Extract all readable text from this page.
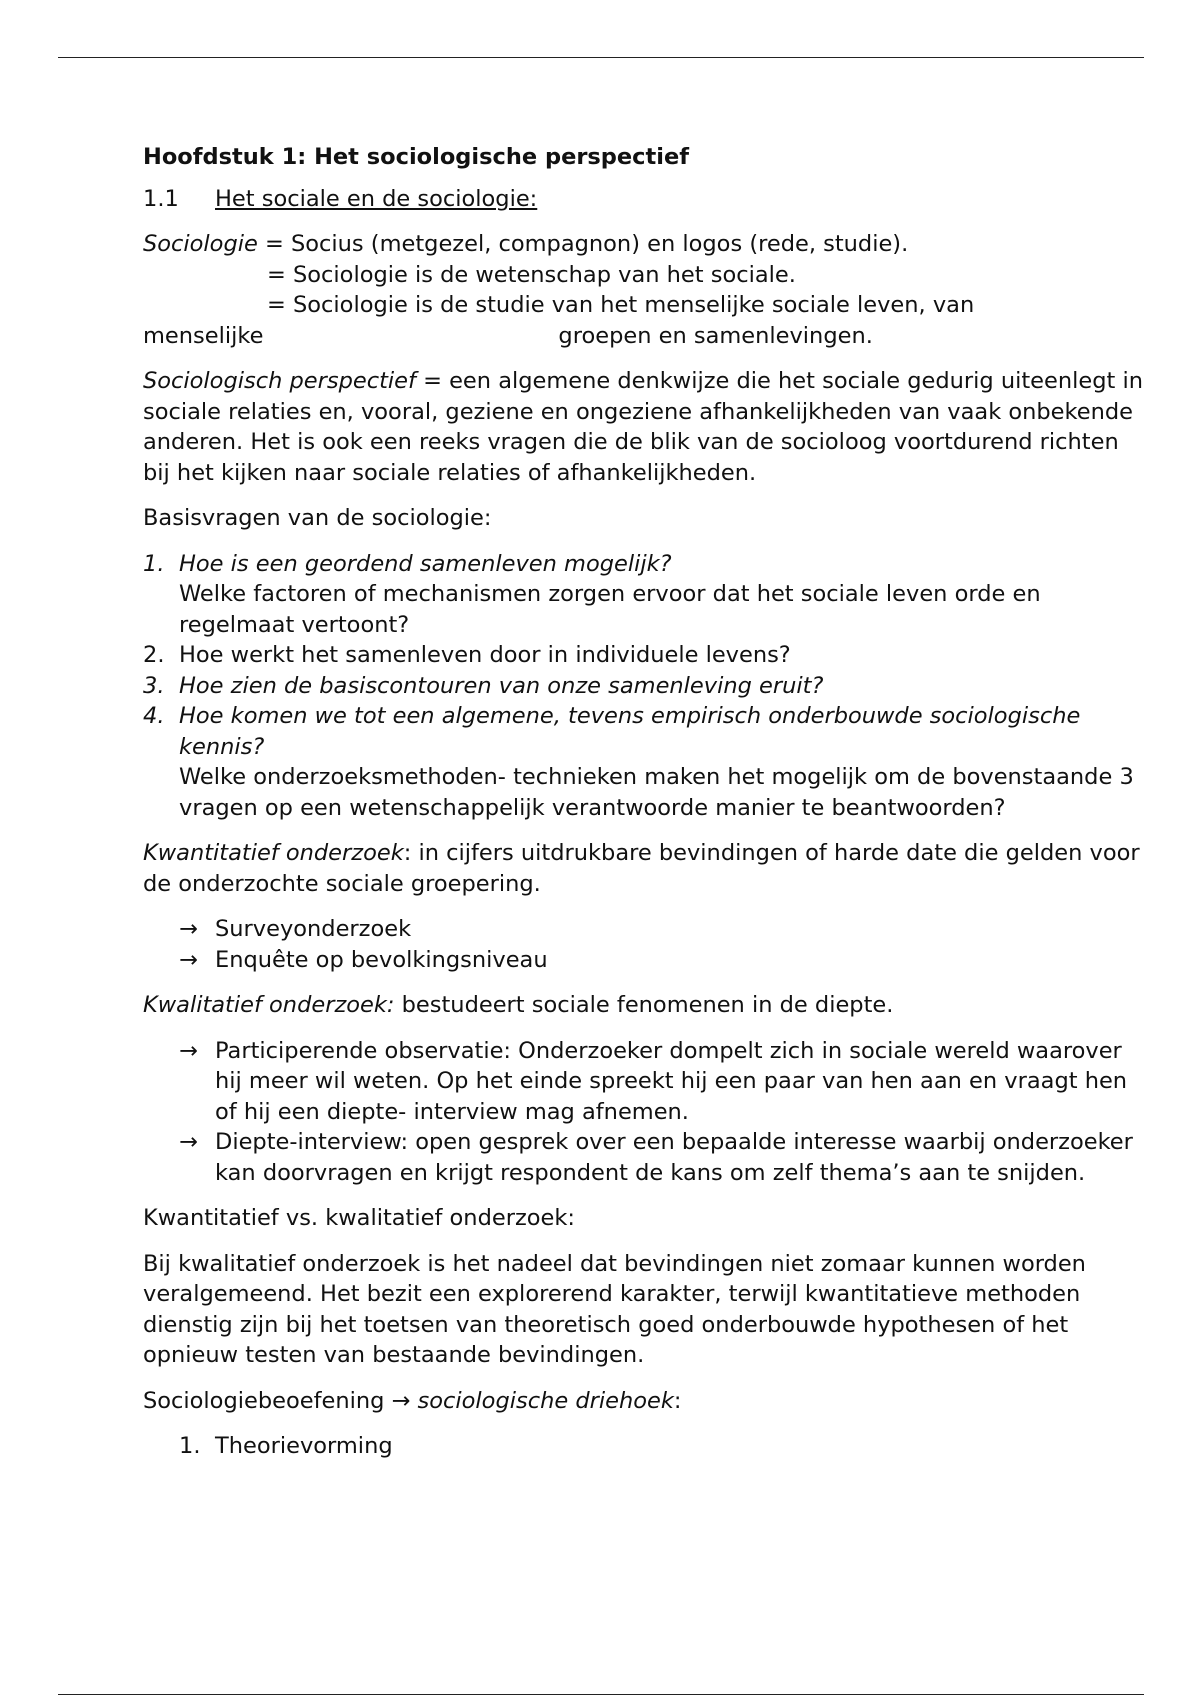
Hoofdstuk 1: Het sociologische perspectief

1.1 Het sociale en de sociologie:

Sociologie = Socius (metgezel, compagnon) en logos (rede, studie).

= Sociologie is de wetenschap van het sociale.

= Sociologie is de studie van het menselijke sociale leven, van

menselijke	groepen en samenlevingen.

Sociologisch perspectief = een algemene denkwijze die het sociale gedurig uiteenlegt in sociale relaties en, vooral, geziene en ongeziene afhankelijkheden van vaak onbekende anderen. Het is ook een reeks vragen die de blik van de socioloog voortdurend richten bij het kijken naar sociale relaties of afhankelijkheden.

Basisvragen van de sociologie:

1. Hoe is een geordend samenleven mogelijk?
Welke factoren of mechanismen zorgen ervoor dat het sociale leven orde en regelmaat vertoont?
2. Hoe werkt het samenleven door in individuele levens?
3. Hoe zien de basiscontouren van onze samenleving eruit?
4. Hoe komen we tot een algemene, tevens empirisch onderbouwde sociologische kennis?
Welke onderzoeksmethoden- technieken maken het mogelijk om de bovenstaande 3 vragen op een wetenschappelijk verantwoorde manier te beantwoorden?

Kwantitatief onderzoek: in cijfers uitdrukbare bevindingen of harde date die gelden voor de onderzochte sociale groepering.

→ Surveyonderzoek
→ Enquête op bevolkingsniveau

Kwalitatief onderzoek: bestudeert sociale fenomenen in de diepte.

→ Participerende observatie: Onderzoeker dompelt zich in sociale wereld waarover hij meer wil weten. Op het einde spreekt hij een paar van hen aan en vraagt hen of hij een diepte- interview mag afnemen.
→ Diepte-interview: open gesprek over een bepaalde interesse waarbij onderzoeker kan doorvragen en krijgt respondent de kans om zelf thema’s aan te snijden.

Kwantitatief vs. kwalitatief onderzoek:

Bij kwalitatief onderzoek is het nadeel dat bevindingen niet zomaar kunnen worden veralgemeend. Het bezit een explorerend karakter, terwijl kwantitatieve methoden dienstig zijn bij het toetsen van theoretisch goed onderbouwde hypothesen of het opnieuw testen van bestaande bevindingen.

Sociologiebeoefening → sociologische driehoek:

1. Theorievorming
